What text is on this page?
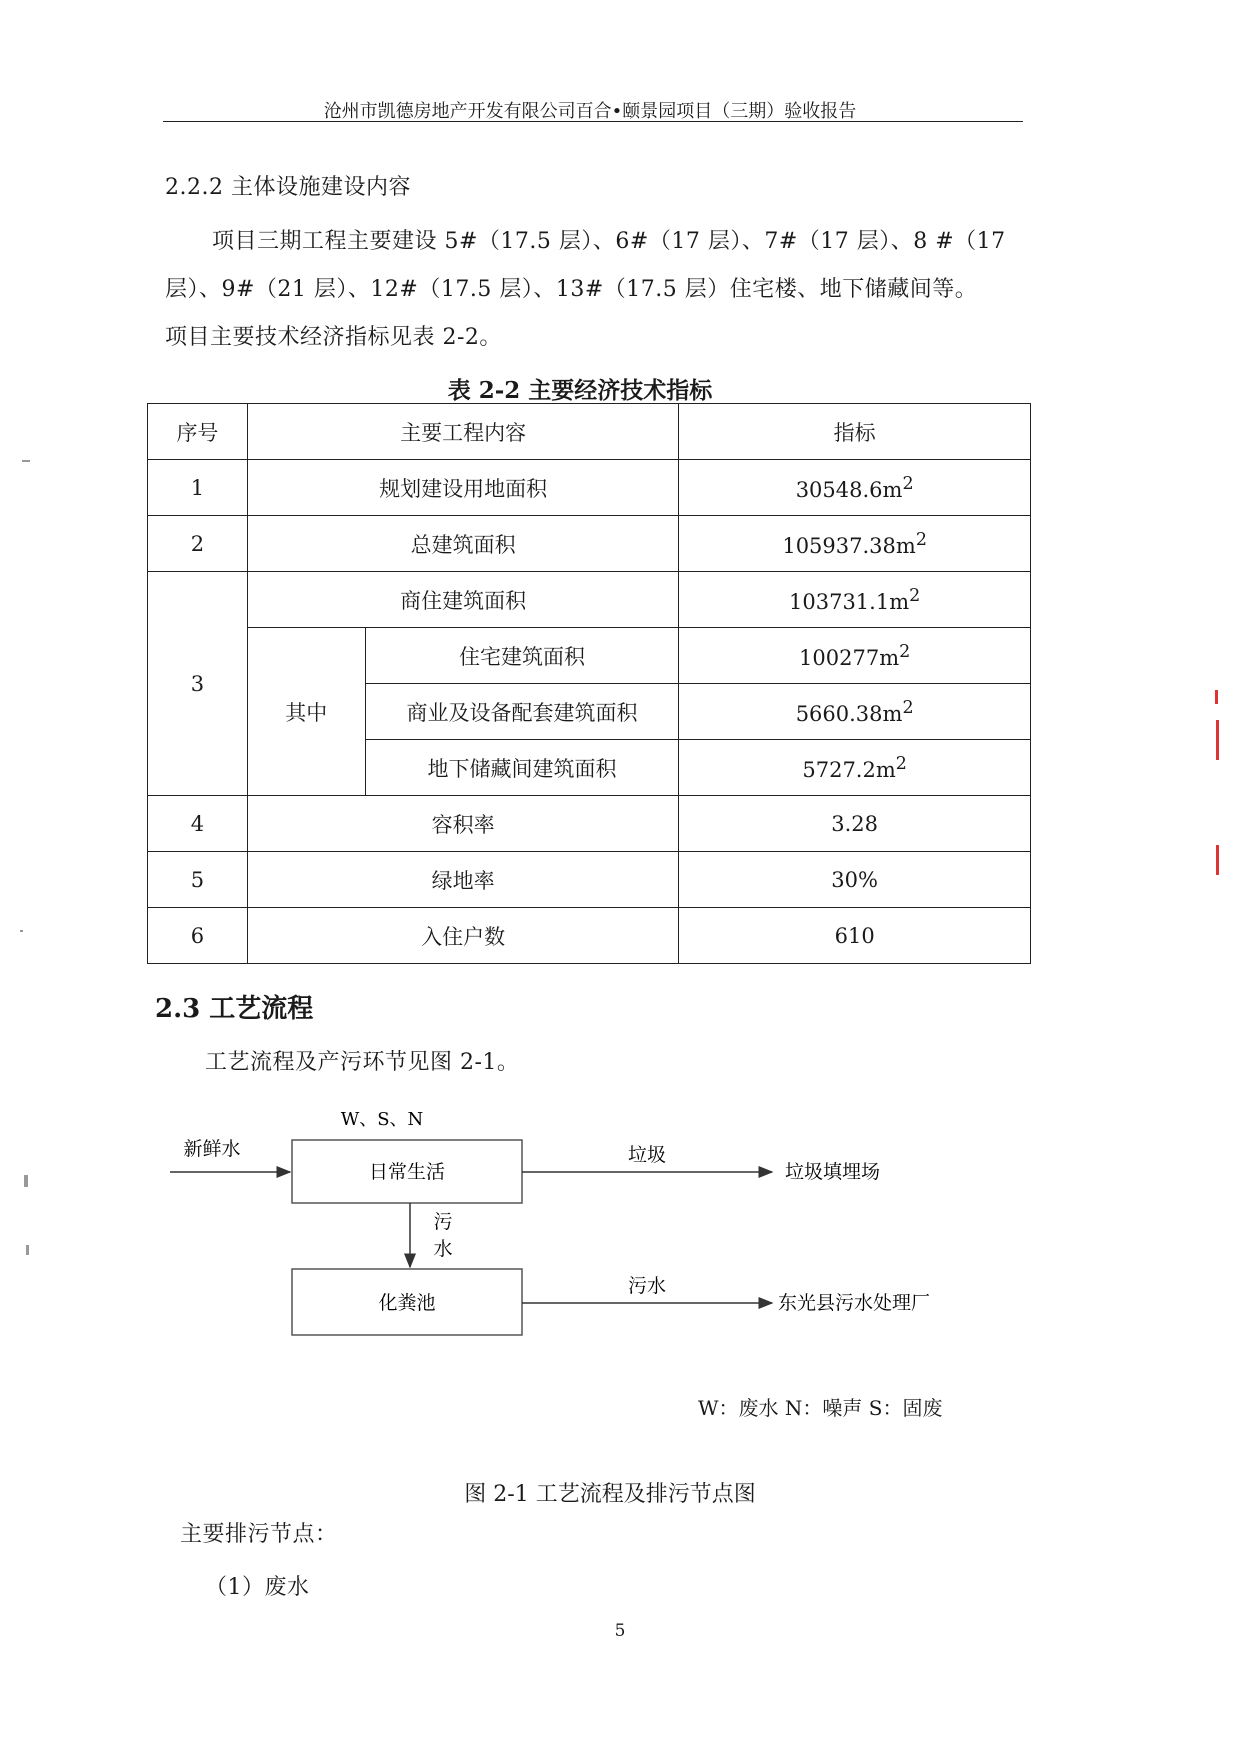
沧州市凯德房地产开发有限公司百合•颐景园项目（三期）验收报告
2.2.2 主体设施建设内容
项目三期工程主要建设 5#（17.5 层）、6#（17 层）、7#（17 层）、8 #（17
层）、9#（21 层）、12#（17.5 层）、13#（17.5 层）住宅楼、地下储藏间等。
项目主要技术经济指标见表 2-2。
表 2-2 主要经济技术指标
序号	主要工程内容		指标
1	规划建设用地面积		$30548.6m^2$
2	总建筑面积		$105937.38m^2$
3	商住建筑面积		$103731.1m^2$
	其中	住宅建筑面积	$100277m^2$
		商业及设备配套建筑面积	$5660.38m^2$
		地下储藏间建筑面积	$5727.2m^2$
4	容积率		3.28
5	绿地率		30%
6	入住户数		610
2.3 工艺流程
工艺流程及产污环节见图 2-1。
W、S、N
新鲜水
日常生活
垃圾
垃圾填埋场
污
水
化粪池
污水
东光县污水处理厂
W：废水 N：噪声 S：固废
图 2-1 工艺流程及排污节点图
主要排污节点：
（1）废水
5
